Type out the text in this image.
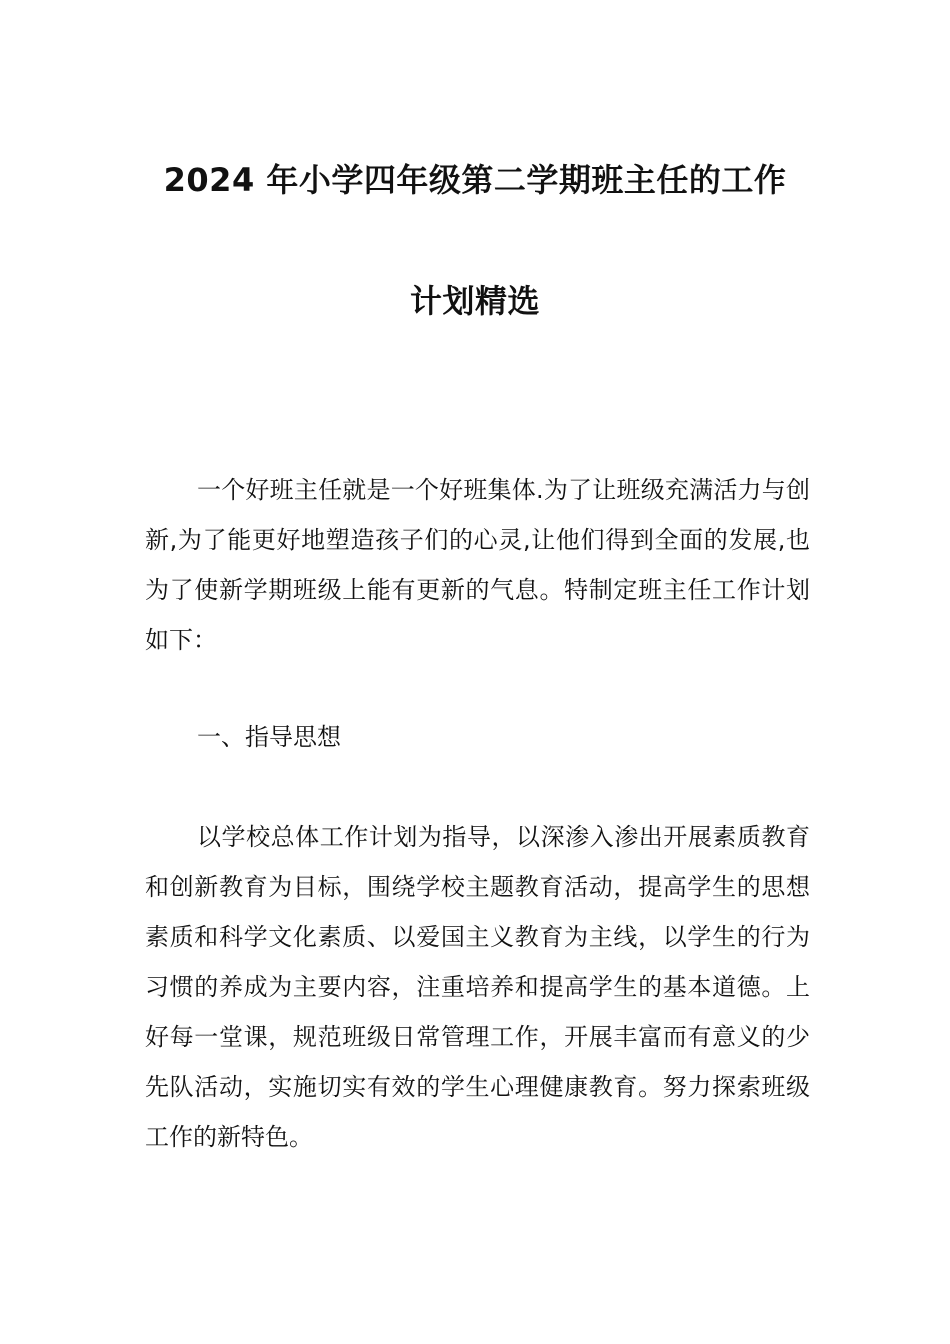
2024 年小学四年级第二学期班主任的工作
计划精选

一个好班主任就是一个好班集体.为了让班级充满活力与创新,为了能更好地塑造孩子们的心灵,让他们得到全面的发展,也为了使新学期班级上能有更新的气息。特制定班主任工作计划如下：

一、指导思想

以学校总体工作计划为指导，以深渗入渗出开展素质教育和创新教育为目标，围绕学校主题教育活动，提高学生的思想素质和科学文化素质、以爱国主义教育为主线，以学生的行为习惯的养成为主要内容，注重培养和提高学生的基本道德。上好每一堂课，规范班级日常管理工作，开展丰富而有意义的少先队活动，实施切实有效的学生心理健康教育。努力探索班级工作的新特色。
